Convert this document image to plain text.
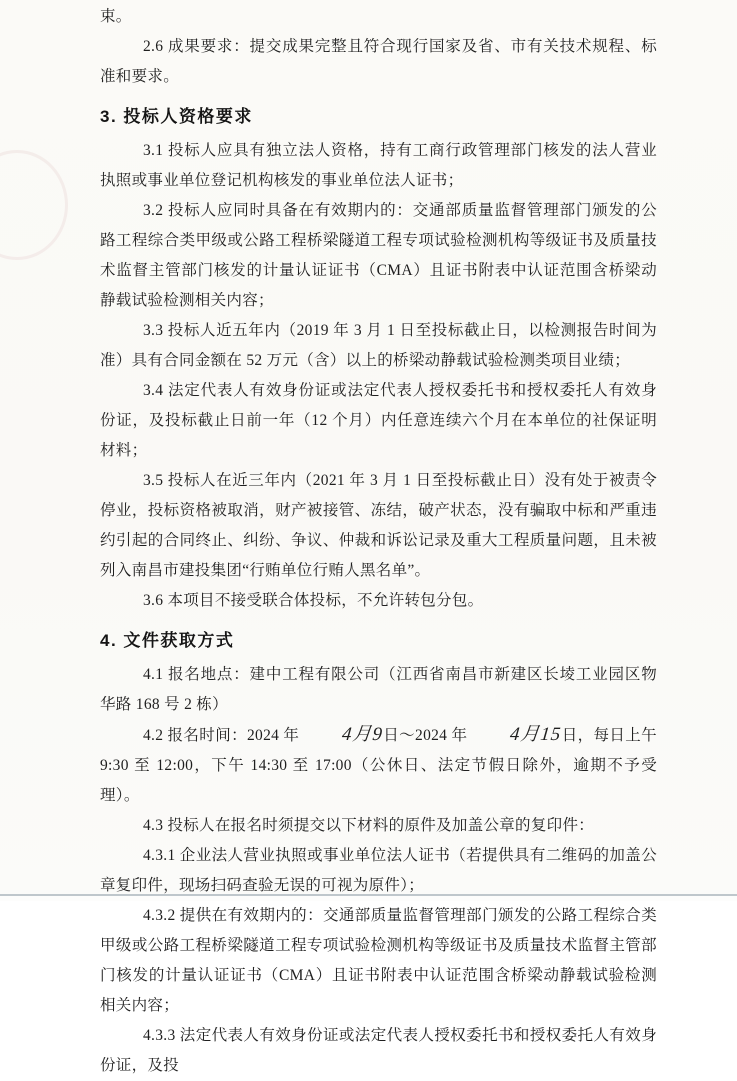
束。

2.6 成果要求：提交成果完整且符合现行国家及省、市有关技术规程、标准和要求。

3. 投标人资格要求

3.1 投标人应具有独立法人资格，持有工商行政管理部门核发的法人营业执照或事业单位登记机构核发的事业单位法人证书；

3.2 投标人应同时具备在有效期内的：交通部质量监督管理部门颁发的公路工程综合类甲级或公路工程桥梁隧道工程专项试验检测机构等级证书及质量技术监督主管部门核发的计量认证证书（CMA）且证书附表中认证范围含桥梁动静载试验检测相关内容；

3.3 投标人近五年内（2019 年 3 月 1 日至投标截止日，以检测报告时间为准）具有合同金额在 52 万元（含）以上的桥梁动静载试验检测类项目业绩；

3.4 法定代表人有效身份证或法定代表人授权委托书和授权委托人有效身份证，及投标截止日前一年（12 个月）内任意连续六个月在本单位的社保证明材料；

3.5 投标人在近三年内（2021 年 3 月 1 日至投标截止日）没有处于被责令停业，投标资格被取消，财产被接管、冻结，破产状态，没有骗取中标和严重违约引起的合同终止、纠纷、争议、仲裁和诉讼记录及重大工程质量问题，且未被列入南昌市建投集团“行贿单位行贿人黑名单”。

3.6 本项目不接受联合体投标，不允许转包分包。

4. 文件获取方式

4.1 报名地点：建中工程有限公司（江西省南昌市新建区长堎工业园区物华路 168 号 2 栋）

4.2 报名时间：2024 年 4月9日～2024 年 4月15日，每日上午 9:30 至 12:00，下午 14:30 至 17:00（公休日、法定节假日除外，逾期不予受理）。

4.3 投标人在报名时须提交以下材料的原件及加盖公章的复印件：

4.3.1 企业法人营业执照或事业单位法人证书（若提供具有二维码的加盖公章复印件，现场扫码查验无误的可视为原件）；

4.3.2 提供在有效期内的：交通部质量监督管理部门颁发的公路工程综合类甲级或公路工程桥梁隧道工程专项试验检测机构等级证书及质量技术监督主管部门核发的计量认证证书（CMA）且证书附表中认证范围含桥梁动静载试验检测相关内容；

4.3.3 法定代表人有效身份证或法定代表人授权委托书和授权委托人有效身份证，及投
